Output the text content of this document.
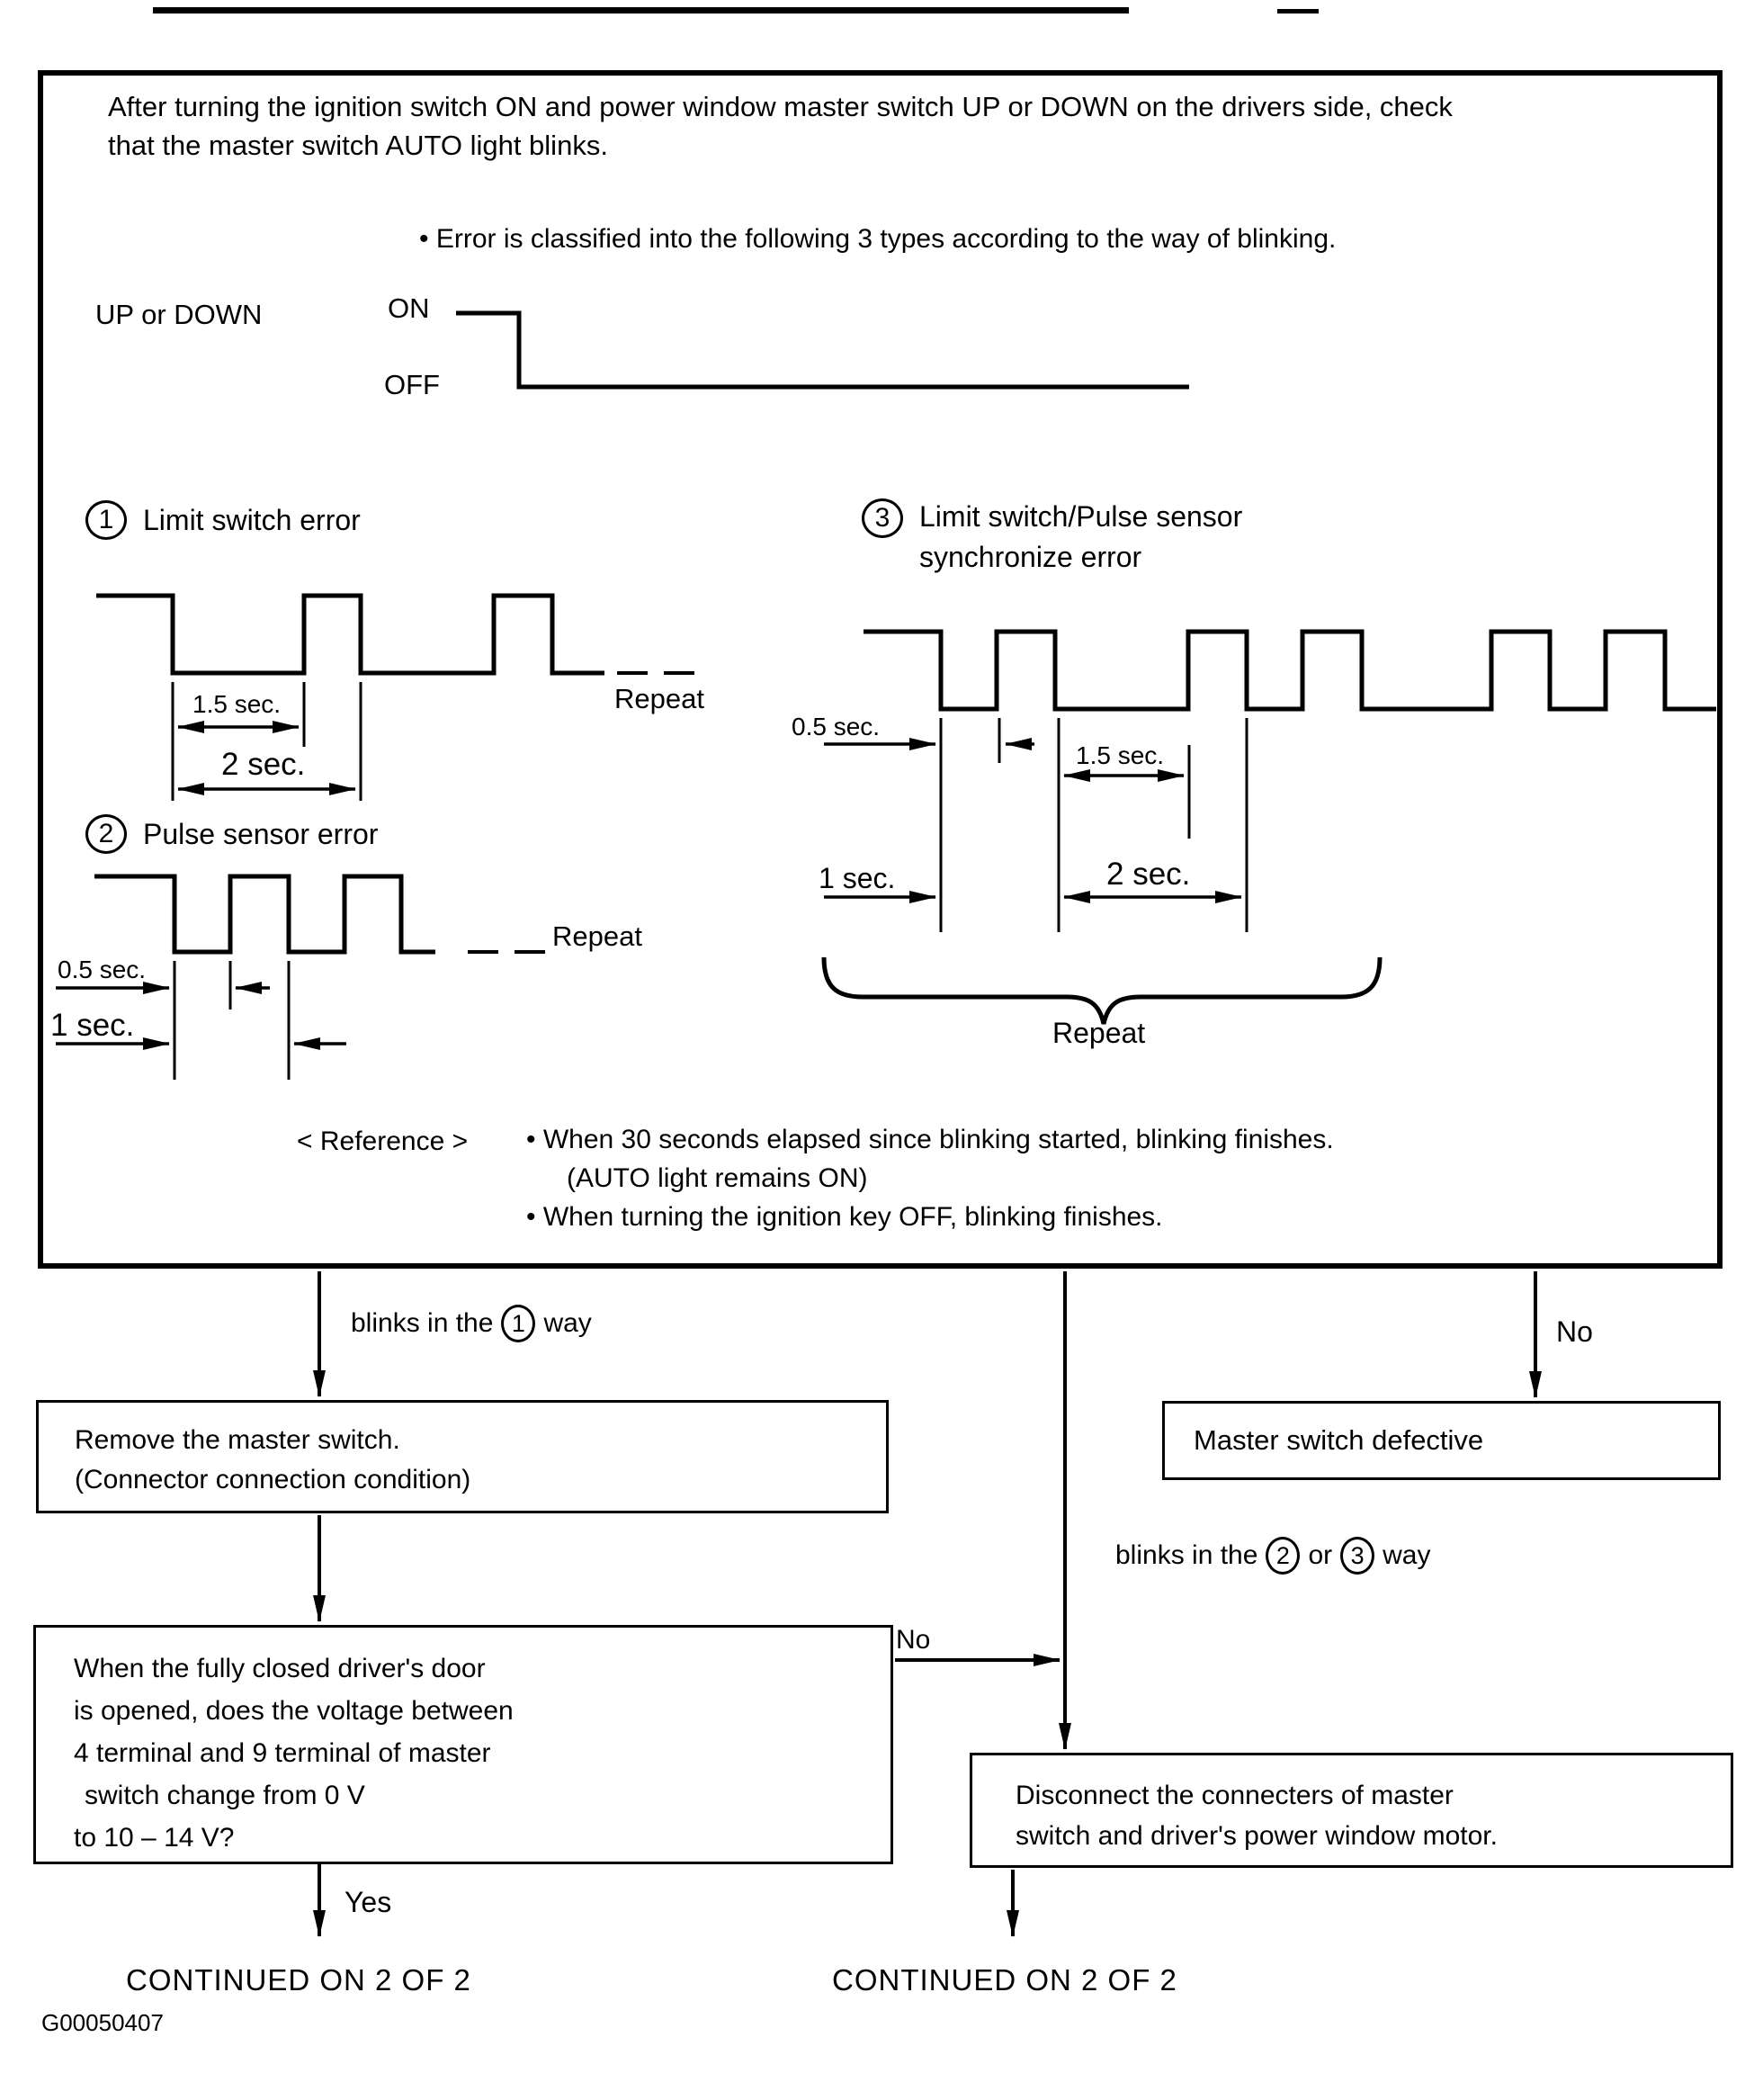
After turning the ignition switch ON and power window master switch UP or DOWN on the drivers side, check
that the master switch AUTO light blinks.
• Error is classified into the following 3 types according to the way of blinking.
UP or DOWN	ON
OFF
1	Limit switch error
1.5 sec.
2 sec.
Repeat
2	Pulse sensor error
0.5 sec.
1 sec.
Repeat
3	Limit switch/Pulse sensor
synchronize error
0.5 sec.
1.5 sec.
1 sec.	2 sec.
Repeat
< Reference > • When 30 seconds elapsed since blinking started, blinking finishes.
(AUTO light remains ON)
• When turning the ignition key OFF, blinking finishes.
blinks in the 1 way	No
blinks in the 2 or 3 way
No
Yes
Remove the master switch.
(Connector connection condition)
Master switch defective
When the fully closed driver's door
is opened, does the voltage between
4 terminal and 9 terminal of master
switch change from 0 V
to 10 – 14 V?
Disconnect the connecters of master
switch and driver's power window motor.
CONTINUED ON 2 OF 2	CONTINUED ON 2 OF 2
G00050407
